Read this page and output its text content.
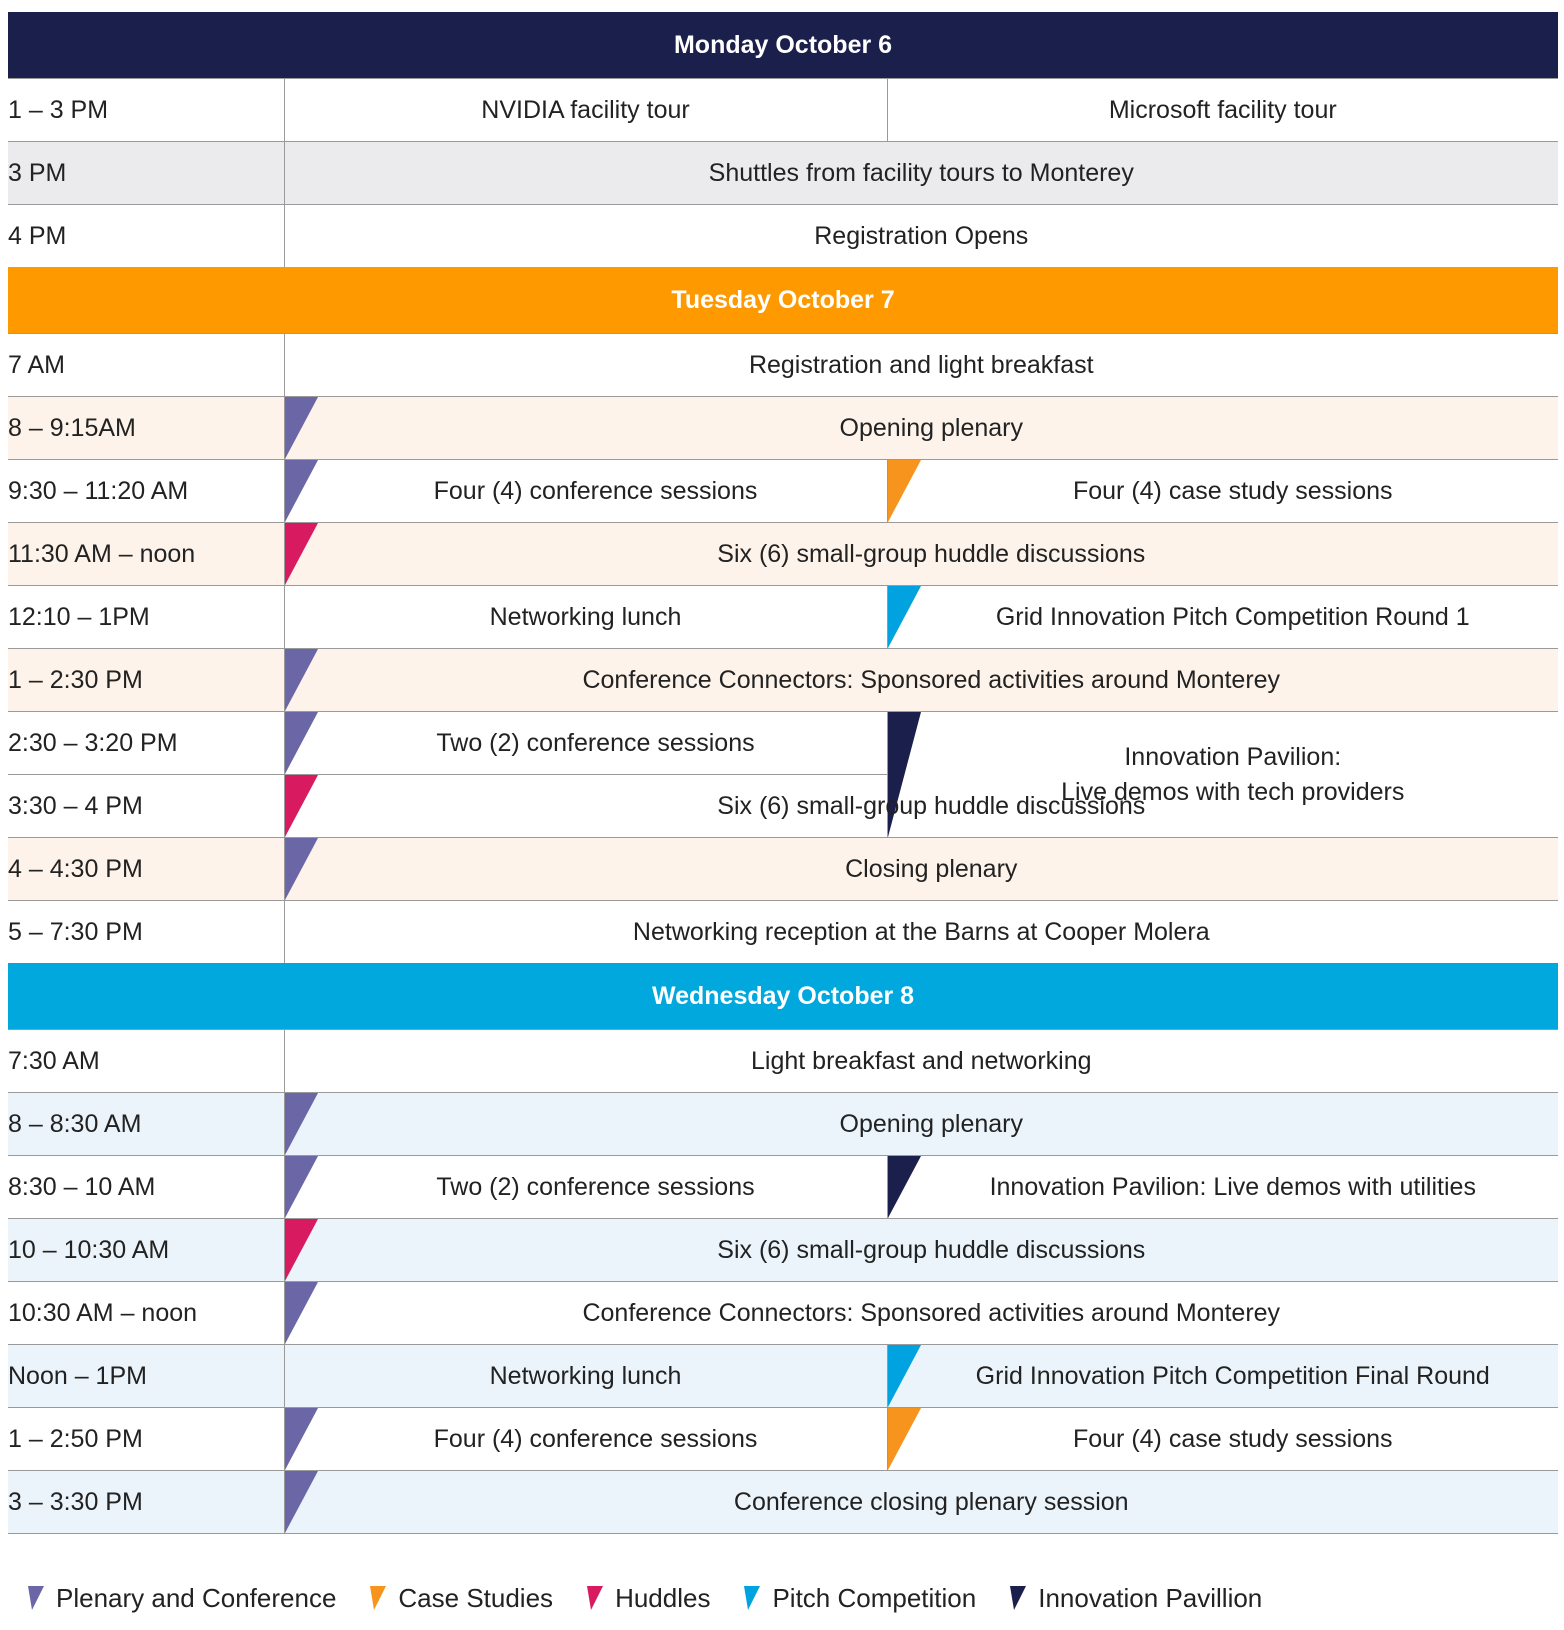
Monday October 6		
1 – 3 PM	NVIDIA facility tour	Microsoft facility tour

3 PM	Shuttles from facility tours to Monterey	

4 PM	Registration Opens	

Tuesday October 7		
7 AM	Registration and light breakfast	

8 – 9:15AM	Opening plenary	

9:30 – 11:20 AM	Four (4) conference sessions	Four (4) case study sessions

11:30 AM – noon	Six (6) small-group huddle discussions	

12:10 – 1PM	Networking lunch	Grid Innovation Pitch Competition Round 1

1 – 2:30 PM	Conference Connectors: Sponsored activities around Monterey	

2:30 – 3:20 PM	Two (2) conference sessions	Innovation Pavilion:
Live demos with tech providers

3:30 – 4 PM	Six (6) small-group huddle discussions	

4 – 4:30 PM	Closing plenary	

5 – 7:30 PM	Networking reception at the Barns at Cooper Molera	

Wednesday October 8		
7:30 AM	Light breakfast and networking	

8 – 8:30 AM	Opening plenary	

8:30 – 10 AM	Two (2) conference sessions	Innovation Pavilion: Live demos with utilities

10 – 10:30 AM	Six (6) small-group huddle discussions	

10:30 AM – noon	Conference Connectors: Sponsored activities around Monterey	

Noon – 1PM	Networking lunch	Grid Innovation Pitch Competition Final Round

1 – 2:50 PM	Four (4) conference sessions	Four (4) case study sessions

3 – 3:30 PM	Conference closing plenary session	
Plenary and Conference Case Studies Huddles Pitch Competition Innovation Pavillion
